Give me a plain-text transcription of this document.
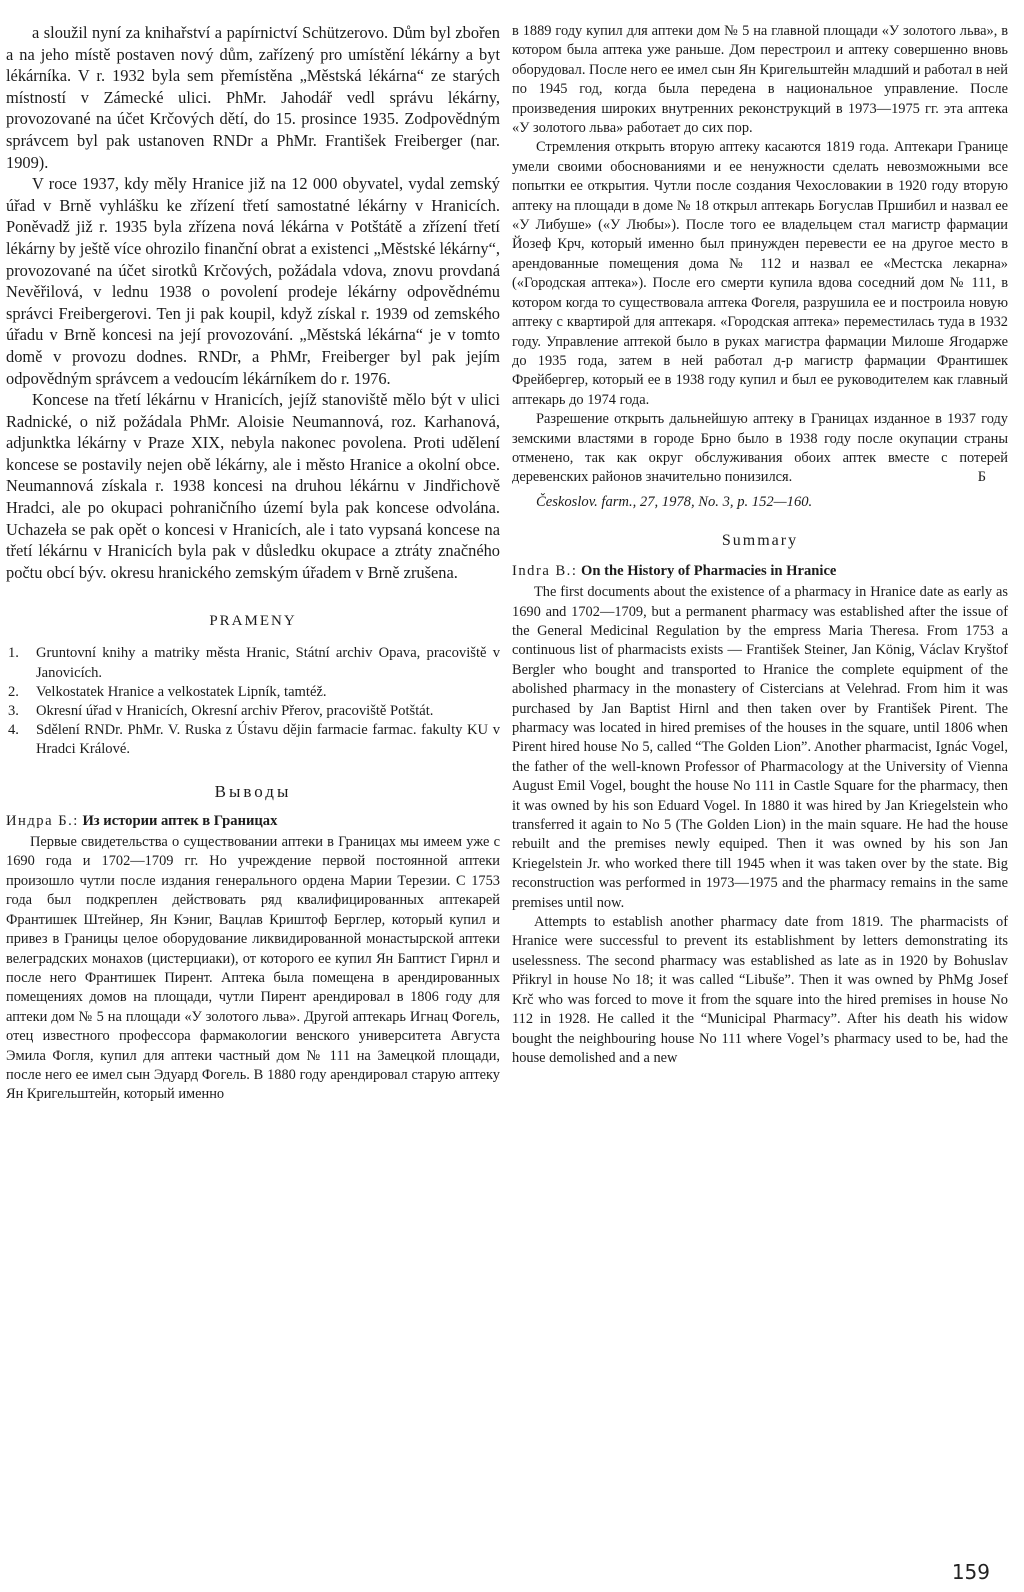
a sloužil nyní za knihařství a papírnictví Schützerovo. Dům byl zbořen a na jeho místě postaven nový dům, zařízený pro umístění lékárny a byt lékárníka. V r. 1932 byla sem přemístěna „Městská lékárna“ ze starých místností v Zámecké ulici. PhMr. Jahodář vedl správu lékárny, provozované na účet Krčových dětí, do 15. prosince 1935. Zodpovědným správcem byl pak ustanoven RNDr a PhMr. František Freiberger (nar. 1909).

V roce 1937, kdy měly Hranice již na 12 000 obyvatel, vydal zemský úřad v Brně vyhlášku ke zřízení třetí samostatné lékárny v Hranicích. Poněvadž již r. 1935 byla zřízena nová lékárna v Potštátě a zřízení třetí lékárny by ještě více ohrozilo finanční obrat a existenci „Městské lékárny“, provozované na účet sirotků Krčových, požádala vdova, znovu provdaná Nevěřilová, v lednu 1938 o povolení prodeje lékárny odpovědnému správci Freibergerovi. Ten ji pak koupil, když získal r. 1939 od zemského úřadu v Brně koncesi na její provozování. „Městská lékárna“ je v tomto domě v provozu dodnes. RNDr, a PhMr, Freiberger byl pak jejím odpovědným správcem a vedoucím lékárníkem do r. 1976.

Koncese na třetí lékárnu v Hranicích, jejíž stanoviště mělo být v ulici Radnické, o niž požádala PhMr. Aloisie Neumannová, roz. Karhanová, adjunktka lékárny v Praze XIX, nebyla nakonec povolena. Proti udělení koncese se postavily nejen obě lékárny, ale i město Hranice a okolní obce. Neumannová získala r. 1938 koncesi na druhou lékárnu v Jindřichově Hradci, ale po okupaci pohraničního území byla pak koncese odvolána. Uchazeła se pak opět o koncesi v Hranicích, ale i tato vypsaná koncese na třetí lékárnu v Hranicích byla pak v důsledku okupace a ztráty značného počtu obcí býv. okresu hranického zemským úřadem v Brně zrušena.

PRAMENY
1.	Gruntovní knihy a matriky města Hranic, Státní archiv Opava, pracoviště v Janovicích.
2.	Velkostatek Hranice a velkostatek Lipník, tamtéž.
3.	Okresní úřad v Hranicích, Okresní archiv Přerov, pracoviště Potštát.
4.	Sdělení RNDr. PhMr. V. Ruska z Ústavu dějin farmacie farmac. fakulty KU v Hradci Králové.
Выводы
Индра Б.: Из истории аптек в Границах

Первые свидетельства о существовании аптеки в Границах мы имеем уже с 1690 года и 1702—1709 гг. Но учреждение первой постоянной аптеки произошло чутли после издания генерального ордена Марии Терезии. С 1753 года был подкреплен действовать ряд квалифицированных аптекарей Франтишек Штейнер, Ян Кэниг, Вацлав Криштоф Берглер, который купил и привез в Границы целое оборудование ликвидированной монастырской аптеки велеградских монахов (цистерциаки), от которого ее купил Ян Баптист Гирнл и после него Франтишек Пирент. Аптека была помещена в арендированных помещениях домов на площади, чутли Пирент арендировал в 1806 году для аптеки дом № 5 на площади «У золотого льва». Другой аптекарь Игнац Фогель, отец известного профессора фармакологии венского университета Августа Эмила Фогля, купил для аптеки частный дом № 111 на Замецкой площади, после него ее имел сын Эдуард Фогель. В 1880 году арендировал старую аптеку Ян Кригельштейн, который именно

в 1889 году купил для аптеки дом № 5 на главной площади «У золотого льва», в котором была аптека уже раньше. Дом перестроил и аптеку совершенно вновь оборудовал. После него ее имел сын Ян Кригельштейн младший и работал в ней по 1945 год, когда была передена в национальное управление. После произведения широких внутренних реконструкций в 1973—1975 гг. эта аптека «У золотого льва» работает до сих пор.

Стремления открыть вторую аптеку касаются 1819 года. Аптекари Границе умели своими обоснованиями и ее ненужности сделать невозможными все попытки ее открытия. Чутли после создания Чехословакии в 1920 году вторую аптеку на площади в доме № 18 открыл аптекарь Богуслав Пршибил и назвал ее «У Либуше» («У Любы»). После того ее владельцем стал магистр фармации Йозеф Крч, который именно был принужден перевести ее на другое место в арендованные помещения дома № 112 и назвал ее «Местска лекарна» («Городская аптека»). После его смерти купила вдова соседний дом № 111, в котором когда то существовала аптека Фогеля, разрушила ее и построила новую аптеку с квартирой для аптекаря. «Городская аптека» переместилась туда в 1932 году. Управление аптекой было в руках магистра фармации Милоше Ягодарже до 1935 года, затем в ней работал д-р магистр фармации Франтишек Фрейбергер, который ее в 1938 году купил и был ее руководителем как главный аптекарь до 1974 года.

Разрешение открыть дальнейшую аптеку в Границах изданное в 1937 году земскими властями в городе Брно было в 1938 году после окупации страны отменено, так как округ обслуживания обоих аптек вместе с потерей деревенских районов значительно понизился.	Б

Českoslov. farm., 27, 1978, No. 3, p. 152—160.
Summary
Indra B.: On the History of Pharmacies in Hranice

The first documents about the existence of a pharmacy in Hranice date as early as 1690 and 1702—1709, but a permanent pharmacy was established after the issue of the General Medicinal Regulation by the empress Maria Theresa. From 1753 a continuous list of pharmacists exists — František Steiner, Jan König, Václav Kryštof Bergler who bought and transported to Hranice the complete equipment of the abolished pharmacy in the monastery of Cistercians at Velehrad. From him it was purchased by Jan Baptist Hirnl and then taken over by František Pirent. The pharmacy was located in hired premises of the houses in the square, until 1806 when Pirent hired house No 5, called “The Golden Lion”. Another pharmacist, Ignác Vogel, the father of the well-known Professor of Pharmacology at the University of Vienna August Emil Vogel, bought the house No 111 in Castle Square for the pharmacy, then it was owned by his son Eduard Vogel. In 1880 it was hired by Jan Kriegelstein who transferred it again to No 5 (The Golden Lion) in the main square. He had the house rebuilt and the premises newly equiped. Then it was owned by his son Jan Kriegelstein Jr. who worked there till 1945 when it was taken over by the state. Big reconstruction was performed in 1973—1975 and the pharmacy remains in the same premises until now.

Attempts to establish another pharmacy date from 1819. The pharmacists of Hranice were successful to prevent its establishment by letters demonstrating its uselessness. The second pharmacy was established as late as in 1920 by Bohuslav Přikryl in house No 18; it was called “Libuše”. Then it was owned by PhMg Josef Krč who was forced to move it from the square into the hired premises in house No 112 in 1928. He called it the “Municipal Pharmacy”. After his death his widow bought the neighbouring house No 111 where Vogel’s pharmacy used to be, had the house demolished and a new

159
